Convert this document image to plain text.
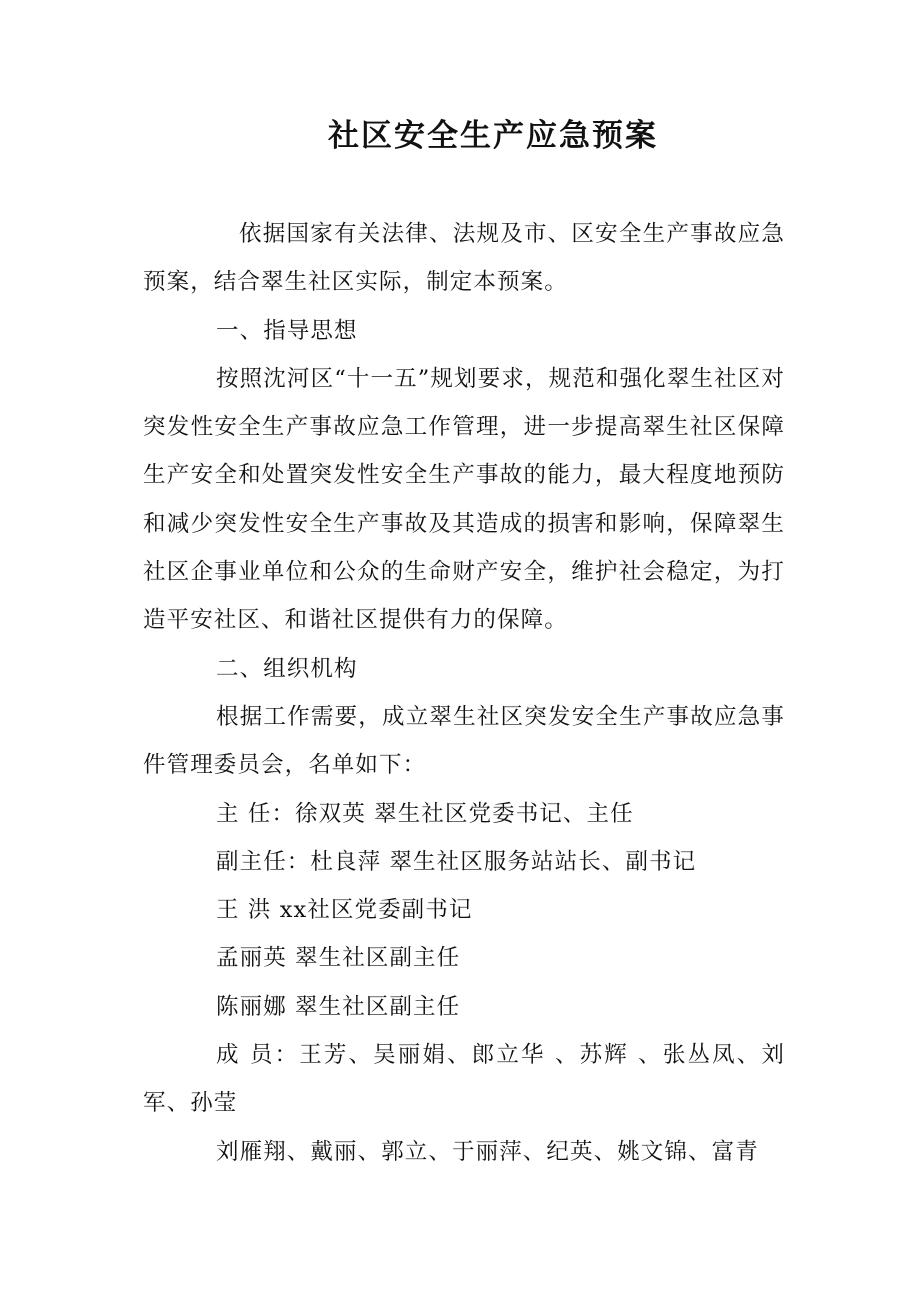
社区安全生产应急预案

依据国家有关法律、法规及市、区安全生产事故应急预案，结合翠生社区实际，制定本预案。

一、指导思想

按照沈河区“十一五”规划要求，规范和强化翠生社区对突发性安全生产事故应急工作管理，进一步提高翠生社区保障生产安全和处置突发性安全生产事故的能力，最大程度地预防和减少突发性安全生产事故及其造成的损害和影响，保障翠生社区企事业单位和公众的生命财产安全，维护社会稳定，为打造平安社区、和谐社区提供有力的保障。

二、组织机构

根据工作需要，成立翠生社区突发安全生产事故应急事件管理委员会，名单如下：

主 任：徐双英 翠生社区党委书记、主任

副主任：杜良萍 翠生社区服务站站长、副书记

王 洪 xx社区党委副书记

孟丽英 翠生社区副主任

陈丽娜 翠生社区副主任

成 员：王芳、吴丽娟、郎立华 、苏辉 、张丛凤、刘军、孙莹

刘雁翔、戴丽、郭立、于丽萍、纪英、姚文锦、富青
